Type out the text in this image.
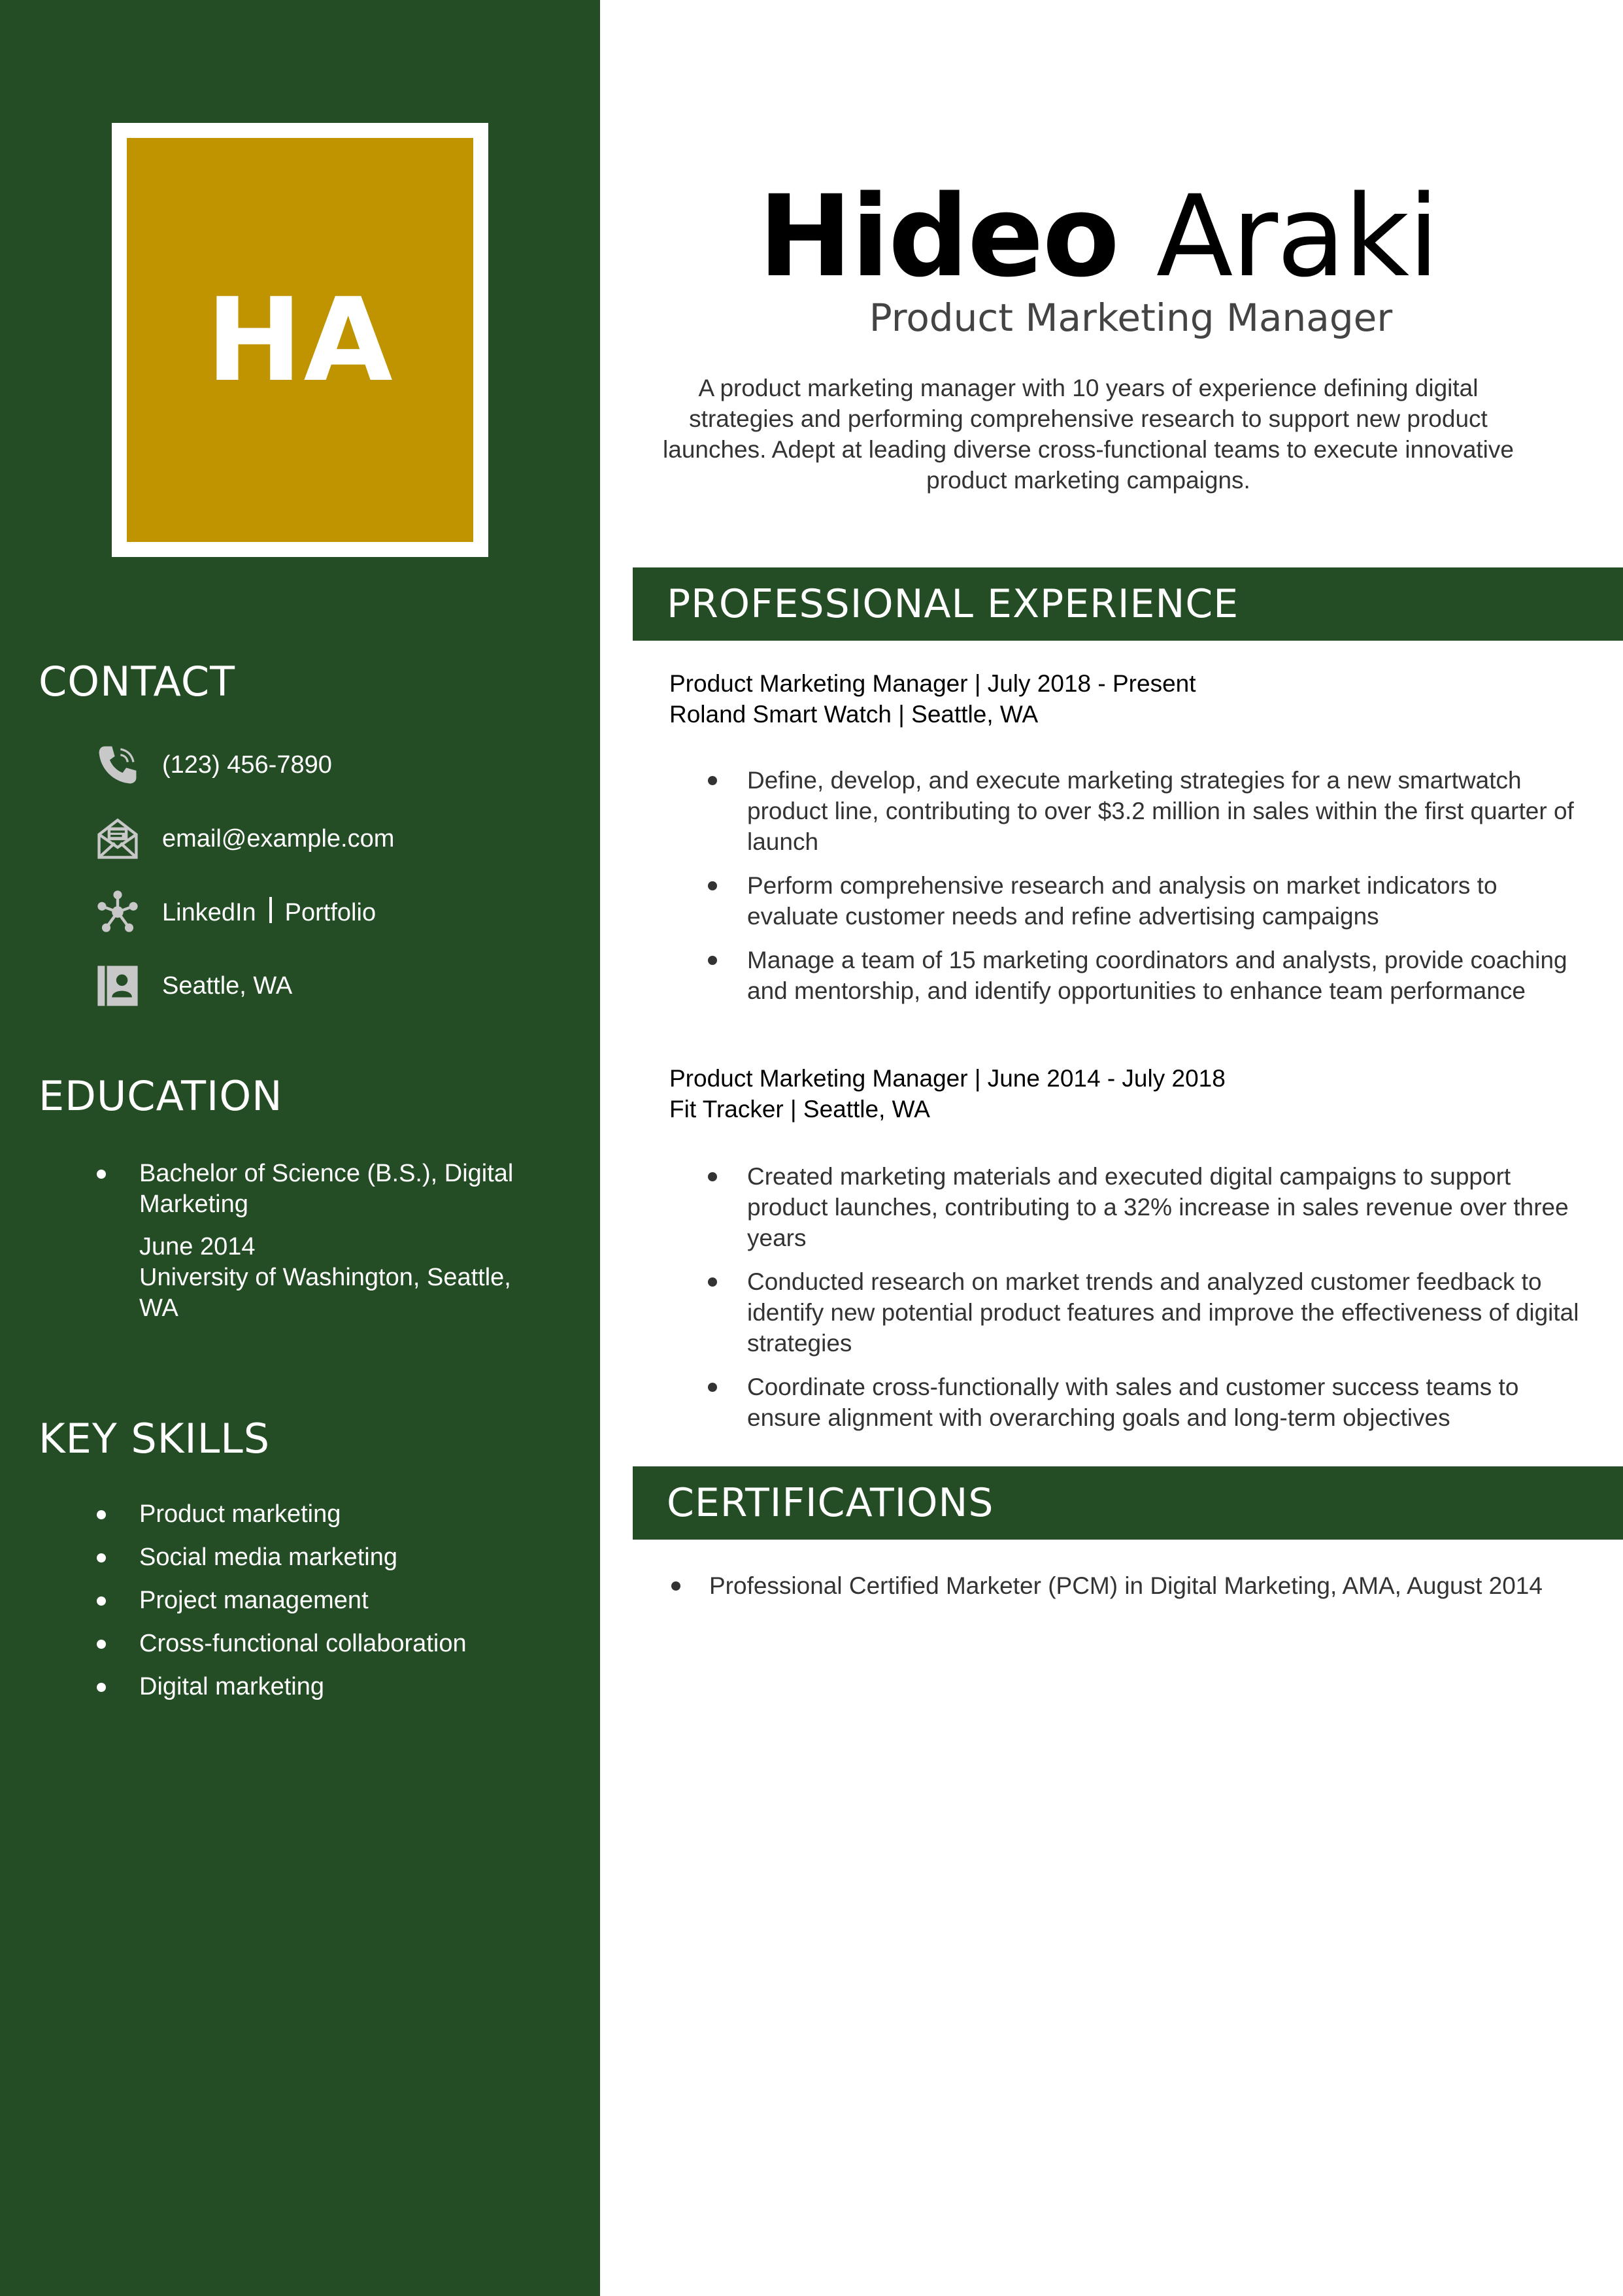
HA
CONTACT
(123) 456-7890
email@example.com
LinkedIn Portfolio
Seattle, WA
EDUCATION
Bachelor of Science (B.S.), Digital Marketing
June 2014
University of Washington, Seattle, WA
KEY SKILLS
Product marketing
Social media marketing
Project management
Cross-functional collaboration
Digital marketing
Hideo Araki
Product Marketing Manager

A product marketing manager with 10 years of experience defining digital strategies and performing comprehensive research to support new product launches. Adept at leading diverse cross-functional teams to execute innovative product marketing campaigns.

PROFESSIONAL EXPERIENCE
Product Marketing Manager | July 2018 - Present
Roland Smart Watch | Seattle, WA
Define, develop, and execute marketing strategies for a new smartwatch product line, contributing to over $3.2 million in sales within the first quarter of launch
Perform comprehensive research and analysis on market indicators to evaluate customer needs and refine advertising campaigns
Manage a team of 15 marketing coordinators and analysts, provide coaching and mentorship, and identify opportunities to enhance team performance
Product Marketing Manager | June 2014 - July 2018
Fit Tracker | Seattle, WA
Created marketing materials and executed digital campaigns to support product launches, contributing to a 32% increase in sales revenue over three years
Conducted research on market trends and analyzed customer feedback to identify new potential product features and improve the effectiveness of digital strategies
Coordinate cross-functionally with sales and customer success teams to ensure alignment with overarching goals and long-term objectives
CERTIFICATIONS
Professional Certified Marketer (PCM) in Digital Marketing, AMA, August 2014
